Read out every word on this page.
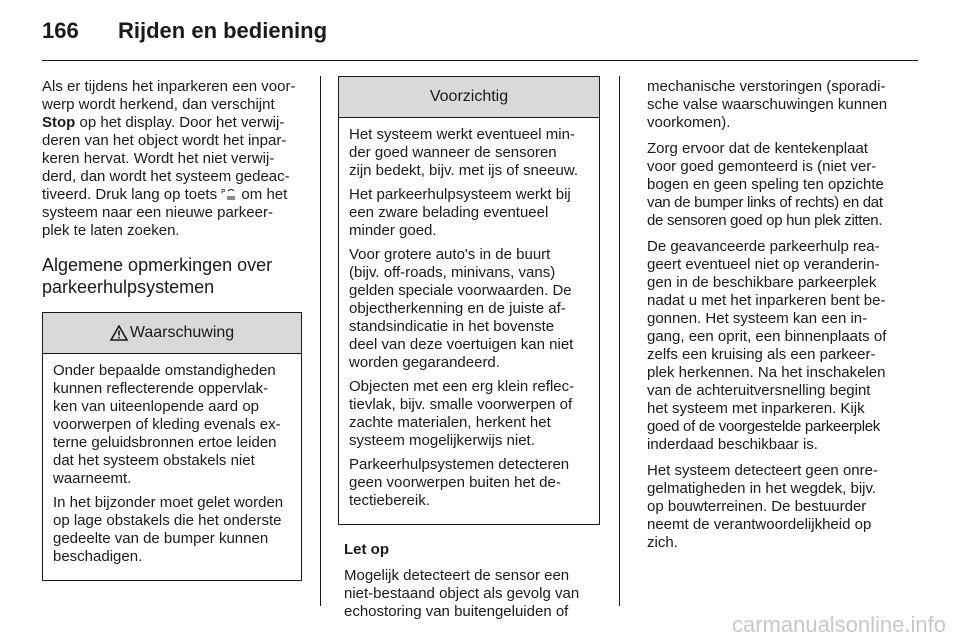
166 Rijden en bediening

Als er tijdens het inparkeren een voor-
werp wordt herkend, dan verschijnt
Stop op het display. Door het verwij-
deren van het object wordt het inpar-
keren hervat. Wordt het niet verwij-
derd, dan wordt het systeem gedeac-
tiveerd. Druk lang op toets P om het
systeem naar een nieuwe parkeer-
plek te laten zoeken.

Algemene opmerkingen over
parkeerhulpsystemen
Waarschuwing

Onder bepaalde omstandigheden
kunnen reflecterende oppervlak-
ken van uiteenlopende aard op
voorwerpen of kleding evenals ex-
terne geluidsbronnen ertoe leiden
dat het systeem obstakels niet
waarneemt.

In het bijzonder moet gelet worden
op lage obstakels die het onderste
gedeelte van de bumper kunnen
beschadigen.

Voorzichtig

Het systeem werkt eventueel min-
der goed wanneer de sensoren
zijn bedekt, bijv. met ijs of sneeuw.

Het parkeerhulpsysteem werkt bij
een zware belading eventueel
minder goed.

Voor grotere auto's in de buurt
(bijv. off-roads, minivans, vans)
gelden speciale voorwaarden. De
objectherkenning en de juiste af-
standsindicatie in het bovenste
deel van deze voertuigen kan niet
worden gegarandeerd.

Objecten met een erg klein reflec-
tievlak, bijv. smalle voorwerpen of
zachte materialen, herkent het
systeem mogelijkerwijs niet.

Parkeerhulpsystemen detecteren
geen voorwerpen buiten het de-
tectiebereik.

Let op

Mogelijk detecteert de sensor een
niet-bestaand object als gevolg van
echostoring van buitengeluiden of

mechanische verstoringen (sporadi-
sche valse waarschuwingen kunnen
voorkomen).

Zorg ervoor dat de kentekenplaat
voor goed gemonteerd is (niet ver-
bogen en geen speling ten opzichte
van de bumper links of rechts) en dat
de sensoren goed op hun plek zitten.

De geavanceerde parkeerhulp rea-
geert eventueel niet op veranderin-
gen in de beschikbare parkeerplek
nadat u met het inparkeren bent be-
gonnen. Het systeem kan een in-
gang, een oprit, een binnenplaats of
zelfs een kruising als een parkeer-
plek herkennen. Na het inschakelen
van de achteruitversnelling begint
het systeem met inparkeren. Kijk
goed of de voorgestelde parkeerplek
inderdaad beschikbaar is.

Het systeem detecteert geen onre-
gelmatigheden in het wegdek, bijv.
op bouwterreinen. De bestuurder
neemt de verantwoordelijkheid op
zich.

carmanualsonline.info
